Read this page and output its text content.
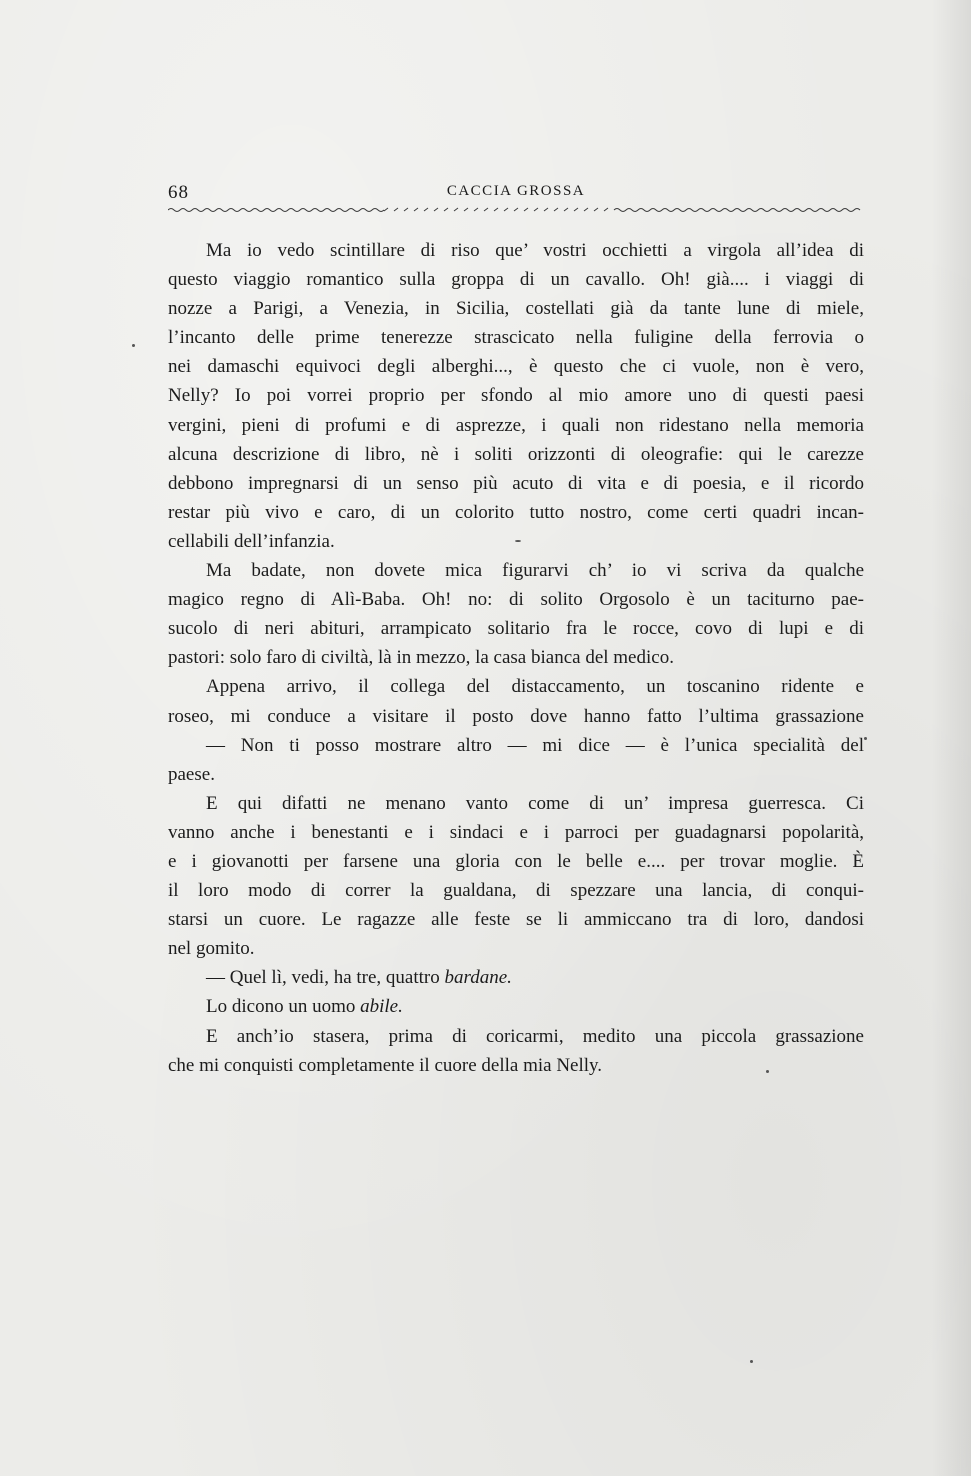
68	CACCIA GROSSA
Ma io vedo scintillare di riso que’ vostri occhietti a virgola all’idea di
questo viaggio romantico sulla groppa di un cavallo. Oh! già.... i viaggi di
nozze a Parigi, a Venezia, in Sicilia, costellati già da tante lune di miele,
l’incanto delle prime tenerezze strascicato nella fuligine della ferrovia o
nei damaschi equivoci degli alberghi..., è questo che ci vuole, non è vero,
Nelly? Io poi vorrei proprio per sfondo al mio amore uno di questi paesi
vergini, pieni di profumi e di asprezze, i quali non ridestano nella memoria
alcuna descrizione di libro, nè i soliti orizzonti di oleografie: qui le carezze
debbono impregnarsi di un senso più acuto di vita e di poesia, e il ricordo
restar più vivo e caro, di un colorito tutto nostro, come certi quadri incan-
cellabili dell’infanzia.
Ma badate, non dovete mica figurarvi ch’ io vi scriva da qualche
magico regno di Alì-Baba. Oh! no: di solito Orgosolo è un taciturno pae-
sucolo di neri abituri, arrampicato solitario fra le rocce, covo di lupi e di
pastori: solo faro di civiltà, là in mezzo, la casa bianca del medico.
Appena arrivo, il collega del distaccamento, un toscanino ridente e
roseo, mi conduce a visitare il posto dove hanno fatto l’ultima grassazione
— Non ti posso mostrare altro — mi dice — è l’unica specialità del
paese.
E qui difatti ne menano vanto come di un’ impresa guerresca. Ci
vanno anche i benestanti e i sindaci e i parroci per guadagnarsi popolarità,
e i giovanotti per farsene una gloria con le belle e.... per trovar moglie. È
il loro modo di correr la gualdana, di spezzare una lancia, di conqui-
starsi un cuore. Le ragazze alle feste se li ammiccano tra di loro, dandosi
nel gomito.
— Quel lì, vedi, ha tre, quattro bardane.
Lo dicono un uomo abile.
E anch’io stasera, prima di coricarmi, medito una piccola grassazione
che mi conquisti completamente il cuore della mia Nelly.
